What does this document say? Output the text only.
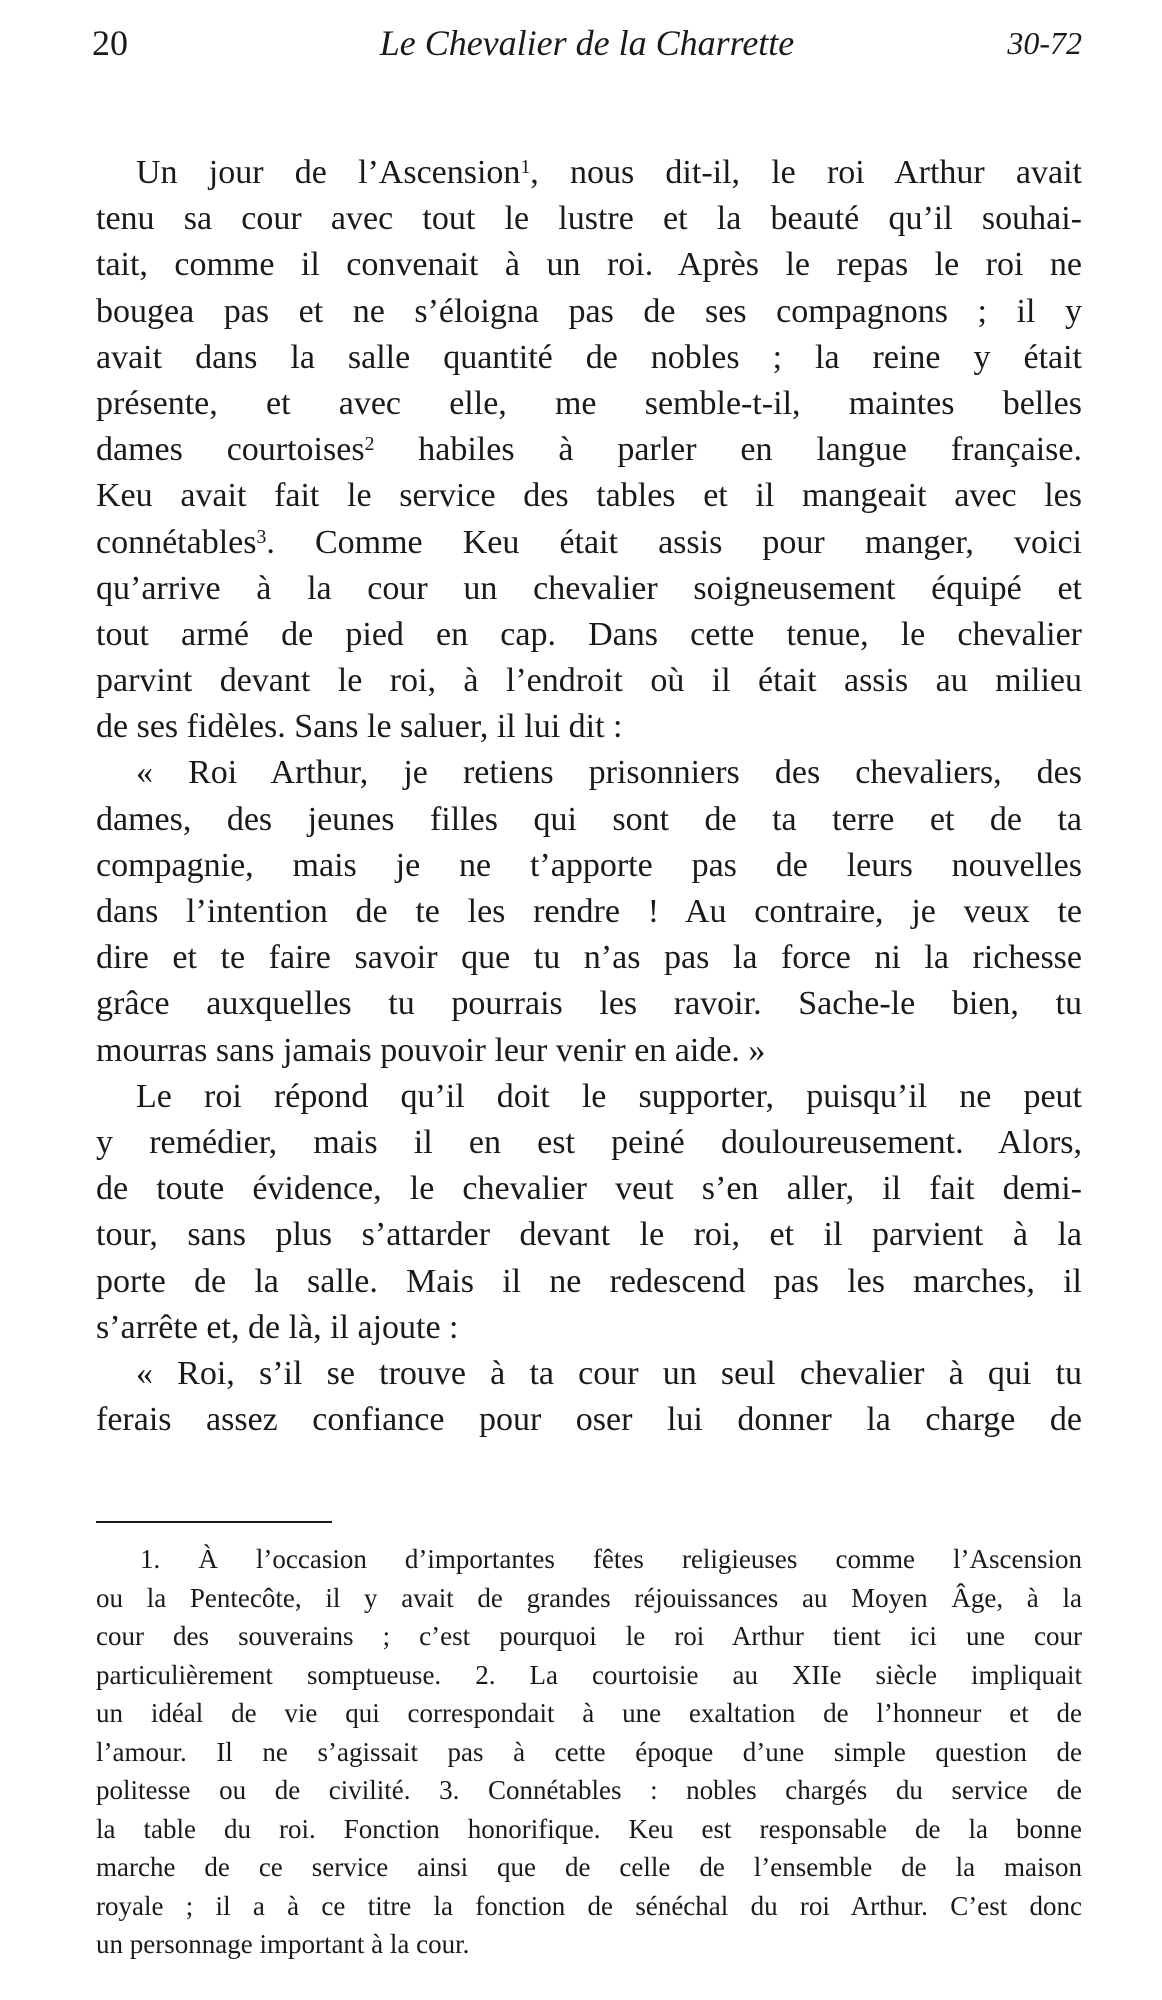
20	Le Chevalier de la Charrette	30-72
Un jour de l’Ascension$^1$, nous dit-il, le roi Arthur avait
tenu sa cour avec tout le lustre et la beauté qu’il souhai-
tait, comme il convenait à un roi. Après le repas le roi ne
bougea pas et ne s’éloigna pas de ses compagnons ; il y
avait dans la salle quantité de nobles ; la reine y était
présente, et avec elle, me semble-t-il, maintes belles
dames courtoises$^2$ habiles à parler en langue française.
Keu avait fait le service des tables et il mangeait avec les
connétables$^3$. Comme Keu était assis pour manger, voici
qu’arrive à la cour un chevalier soigneusement équipé et
tout armé de pied en cap. Dans cette tenue, le chevalier
parvint devant le roi, à l’endroit où il était assis au milieu
de ses fidèles. Sans le saluer, il lui dit :
« Roi Arthur, je retiens prisonniers des chevaliers, des
dames, des jeunes filles qui sont de ta terre et de ta
compagnie, mais je ne t’apporte pas de leurs nouvelles
dans l’intention de te les rendre ! Au contraire, je veux te
dire et te faire savoir que tu n’as pas la force ni la richesse
grâce auxquelles tu pourrais les ravoir. Sache-le bien, tu
mourras sans jamais pouvoir leur venir en aide. »
Le roi répond qu’il doit le supporter, puisqu’il ne peut
y remédier, mais il en est peiné douloureusement. Alors,
de toute évidence, le chevalier veut s’en aller, il fait demi-
tour, sans plus s’attarder devant le roi, et il parvient à la
porte de la salle. Mais il ne redescend pas les marches, il
s’arrête et, de là, il ajoute :
« Roi, s’il se trouve à ta cour un seul chevalier à qui tu
ferais assez confiance pour oser lui donner la charge de
1. À l’occasion d’importantes fêtes religieuses comme l’Ascension
ou la Pentecôte, il y avait de grandes réjouissances au Moyen Âge, à la
cour des souverains ; c’est pourquoi le roi Arthur tient ici une cour
particulièrement somptueuse. 2. La courtoisie au XIIe siècle impliquait
un idéal de vie qui correspondait à une exaltation de l’honneur et de
l’amour. Il ne s’agissait pas à cette époque d’une simple question de
politesse ou de civilité. 3. Connétables : nobles chargés du service de
la table du roi. Fonction honorifique. Keu est responsable de la bonne
marche de ce service ainsi que de celle de l’ensemble de la maison
royale ; il a à ce titre la fonction de sénéchal du roi Arthur. C’est donc
un personnage important à la cour.
